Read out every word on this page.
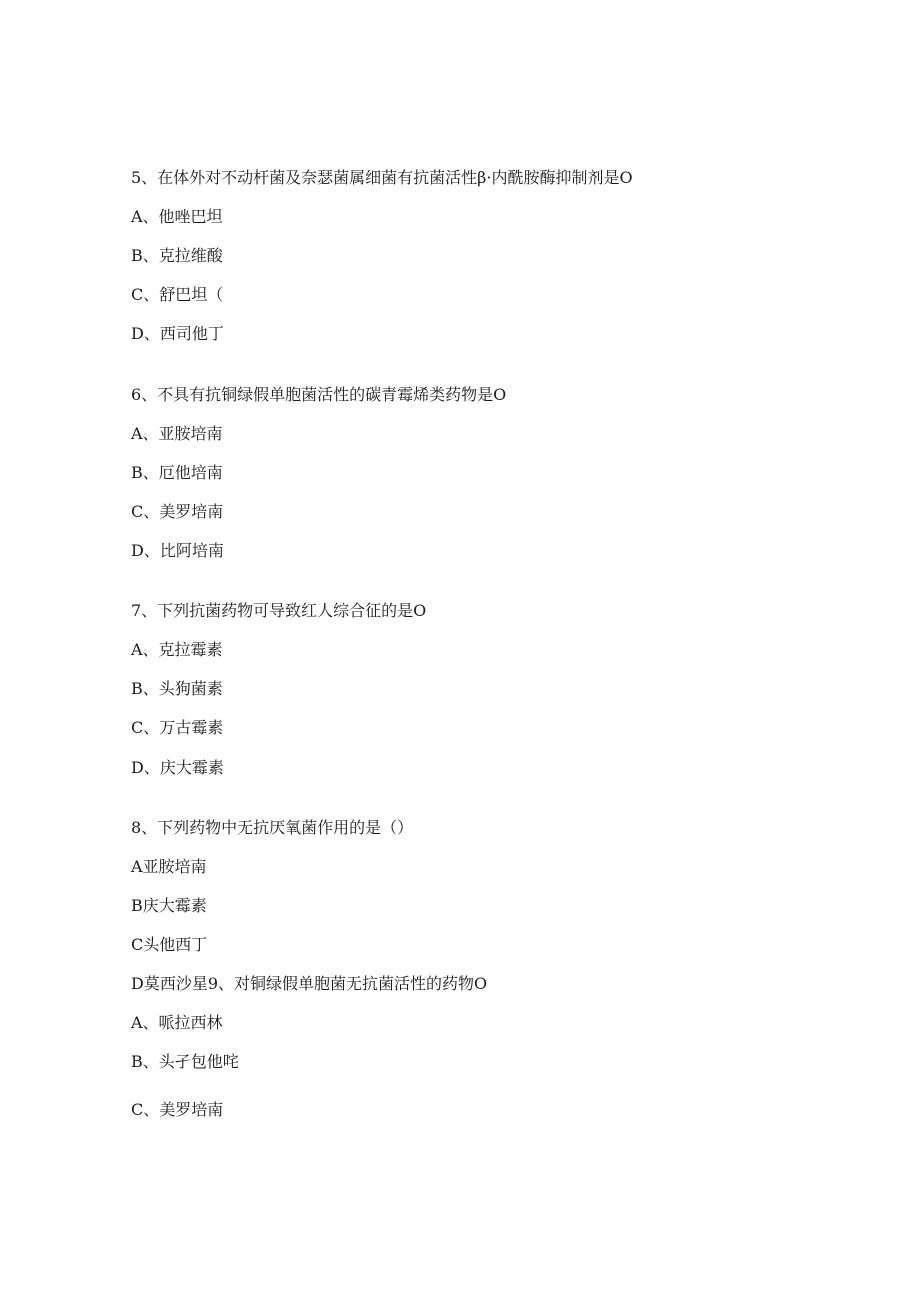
5、在体外对不动杆菌及奈瑟菌属细菌有抗菌活性β·内酰胺酶抑制剂是O
A、他唑巴坦
B、克拉维酸
C、舒巴坦（
D、西司他丁
6、不具有抗铜绿假单胞菌活性的碳青霉烯类药物是O
A、亚胺培南
B、厄他培南
C、美罗培南
D、比阿培南
7、下列抗菌药物可导致红人综合征的是O
A、克拉霉素
B、头狗菌素
C、万古霉素
D、庆大霉素
8、下列药物中无抗厌氧菌作用的是（）
A亚胺培南
B庆大霉素
C头他西丁
D莫西沙星9、对铜绿假单胞菌无抗菌活性的药物O
A、哌拉西林
B、头孑包他咤
C、美罗培南
